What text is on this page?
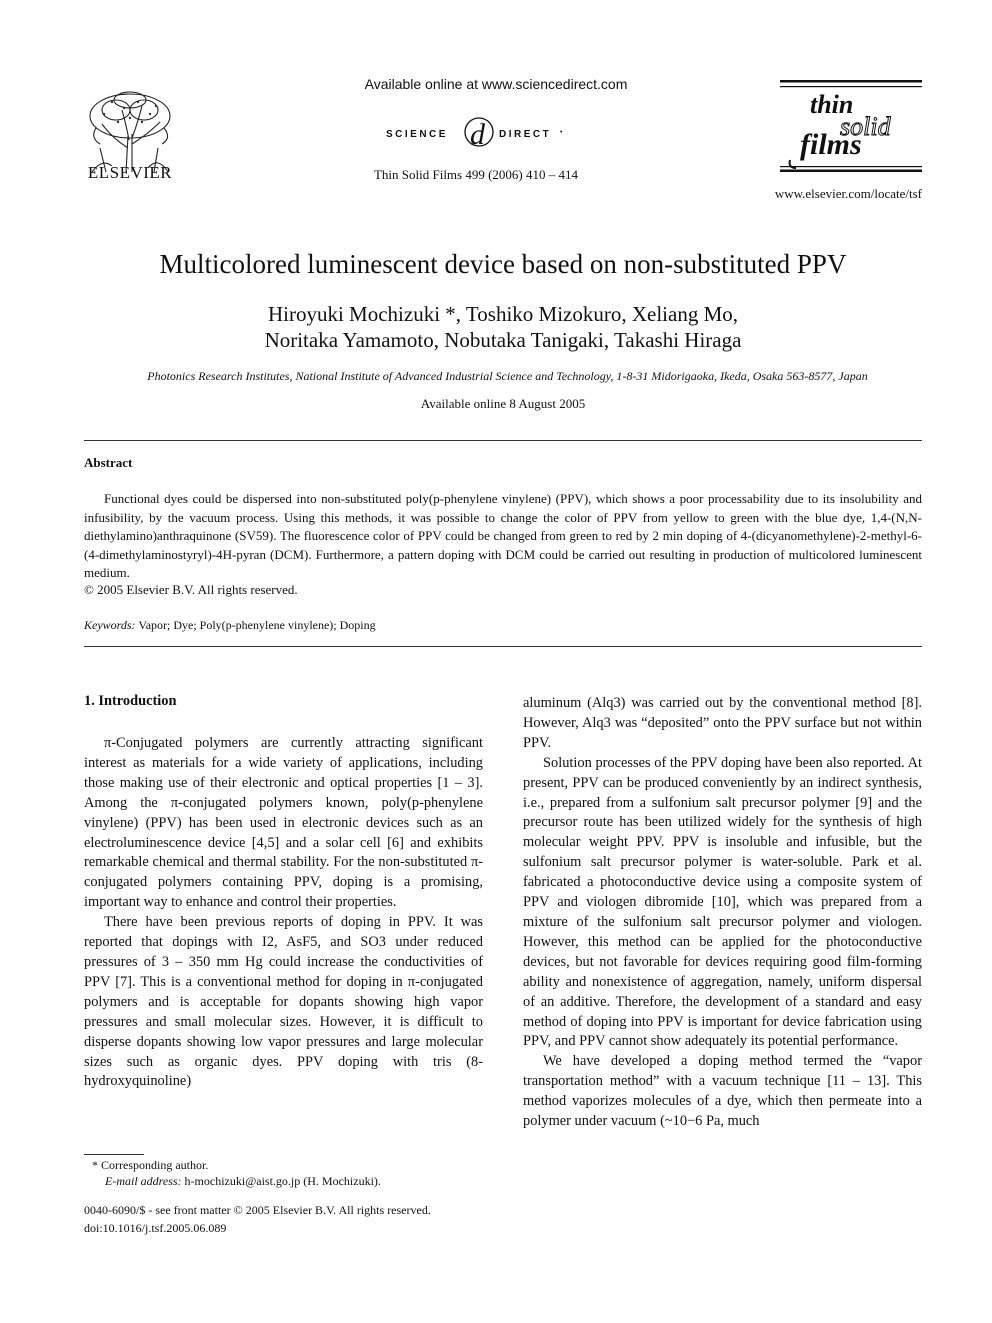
ELSEVIER
Available online at www.sciencedirect.com
SCIENCE d DIRECT •
Thin Solid Films 499 (2006) 410 – 414
thin
solid
films
www.elsevier.com/locate/tsf
Multicolored luminescent device based on non-substituted PPV
Hiroyuki Mochizuki *, Toshiko Mizokuro, Xeliang Mo,
Noritaka Yamamoto, Nobutaka Tanigaki, Takashi Hiraga
Photonics Research Institutes, National Institute of Advanced Industrial Science and Technology, 1-8-31 Midorigaoka, Ikeda, Osaka 563-8577, Japan
Available online 8 August 2005
Abstract

Functional dyes could be dispersed into non-substituted poly(p-phenylene vinylene) (PPV), which shows a poor processability due to its insolubility and infusibility, by the vacuum process. Using this methods, it was possible to change the color of PPV from yellow to green with the blue dye, 1,4-(N,N-diethylamino)anthraquinone (SV59). The fluorescence color of PPV could be changed from green to red by 2 min doping of 4-(dicyanomethylene)-2-methyl-6-(4-dimethylaminostyryl)-4H-pyran (DCM). Furthermore, a pattern doping with DCM could be carried out resulting in production of multicolored luminescent medium.

© 2005 Elsevier B.V. All rights reserved.
Keywords: Vapor; Dye; Poly(p-phenylene vinylene); Doping
1. Introduction

π-Conjugated polymers are currently attracting significant interest as materials for a wide variety of applications, including those making use of their electronic and optical properties [1 – 3]. Among the π-conjugated polymers known, poly(p-phenylene vinylene) (PPV) has been used in electronic devices such as an electroluminescence device [4,5] and a solar cell [6] and exhibits remarkable chemical and thermal stability. For the non-substituted π-conjugated polymers containing PPV, doping is a promising, important way to enhance and control their properties.

There have been previous reports of doping in PPV. It was reported that dopings with I2, AsF5, and SO3 under reduced pressures of 3 – 350 mm Hg could increase the conductivities of PPV [7]. This is a conventional method for doping in π-conjugated polymers and is acceptable for dopants showing high vapor pressures and small molecular sizes. However, it is difficult to disperse dopants showing low vapor pressures and large molecular sizes such as organic dyes. PPV doping with tris (8-hydroxyquinoline)

aluminum (Alq3) was carried out by the conventional method [8]. However, Alq3 was “deposited” onto the PPV surface but not within PPV.

Solution processes of the PPV doping have been also reported. At present, PPV can be produced conveniently by an indirect synthesis, i.e., prepared from a sulfonium salt precursor polymer [9] and the precursor route has been utilized widely for the synthesis of high molecular weight PPV. PPV is insoluble and infusible, but the sulfonium salt precursor polymer is water-soluble. Park et al. fabricated a photoconductive device using a composite system of PPV and viologen dibromide [10], which was prepared from a mixture of the sulfonium salt precursor polymer and viologen. However, this method can be applied for the photoconductive devices, but not favorable for devices requiring good film-forming ability and nonexistence of aggregation, namely, uniform dispersal of an additive. Therefore, the development of a standard and easy method of doping into PPV is important for device fabrication using PPV, and PPV cannot show adequately its potential performance.

We have developed a doping method termed the “vapor transportation method” with a vacuum technique [11 – 13]. This method vaporizes molecules of a dye, which then permeate into a polymer under vacuum (~10−6 Pa, much

* Corresponding author.
E-mail address: h-mochizuki@aist.go.jp (H. Mochizuki).
0040-6090/$ - see front matter © 2005 Elsevier B.V. All rights reserved.
doi:10.1016/j.tsf.2005.06.089
